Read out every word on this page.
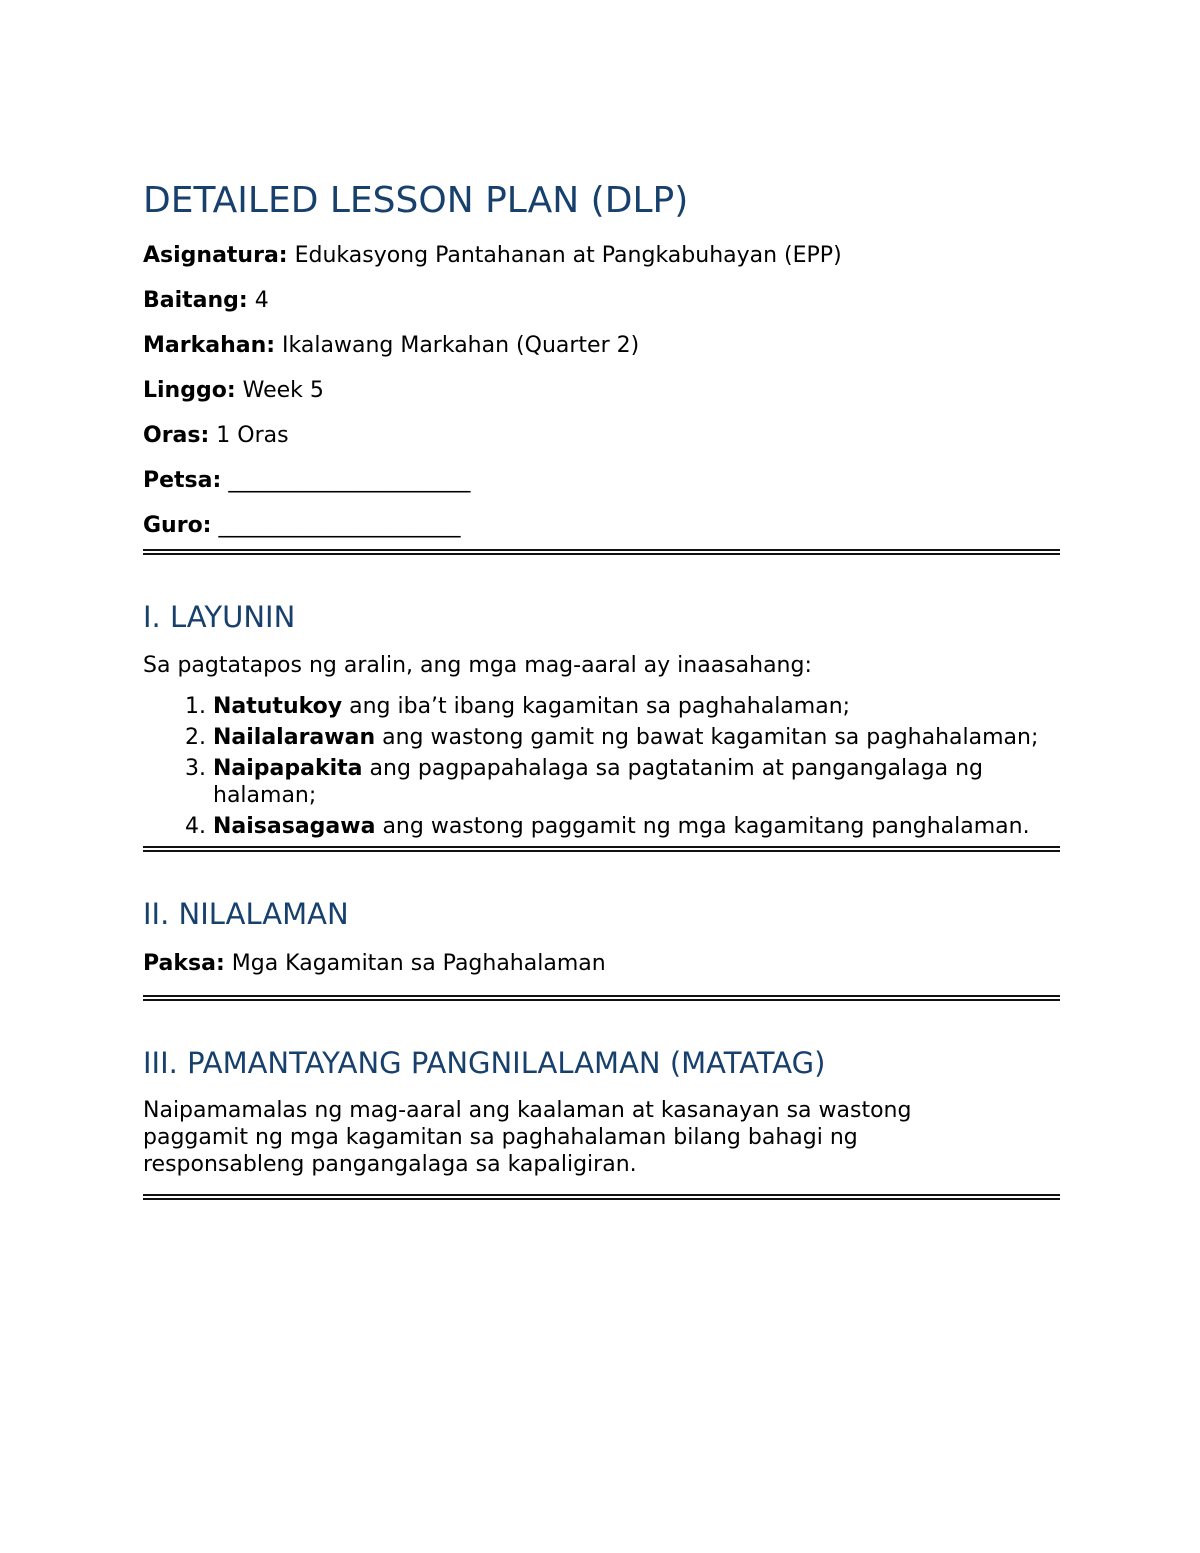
DETAILED LESSON PLAN (DLP)

Asignatura: Edukasyong Pantahanan at Pangkabuhayan (EPP)

Baitang: 4

Markahan: Ikalawang Markahan (Quarter 2)

Linggo: Week 5

Oras: 1 Oras

Petsa: ______________________

Guro: ______________________

I. LAYUNIN

Sa pagtatapos ng aralin, ang mga mag-aaral ay inaasahang:

1. Natutukoy ang iba’t ibang kagamitan sa paghahalaman;
2. Nailalarawan ang wastong gamit ng bawat kagamitan sa paghahalaman;
3. Naipapakita ang pagpapahalaga sa pagtatanim at pangangalaga ng halaman;
4. Naisasagawa ang wastong paggamit ng mga kagamitang panghalaman.
II. NILALAMAN

Paksa: Mga Kagamitan sa Paghahalaman

III. PAMANTAYANG PANGNILALAMAN (MATATAG)

Naipamamalas ng mag-aaral ang kaalaman at kasanayan sa wastong paggamit ng mga kagamitan sa paghahalaman bilang bahagi ng responsableng pangangalaga sa kapaligiran.
